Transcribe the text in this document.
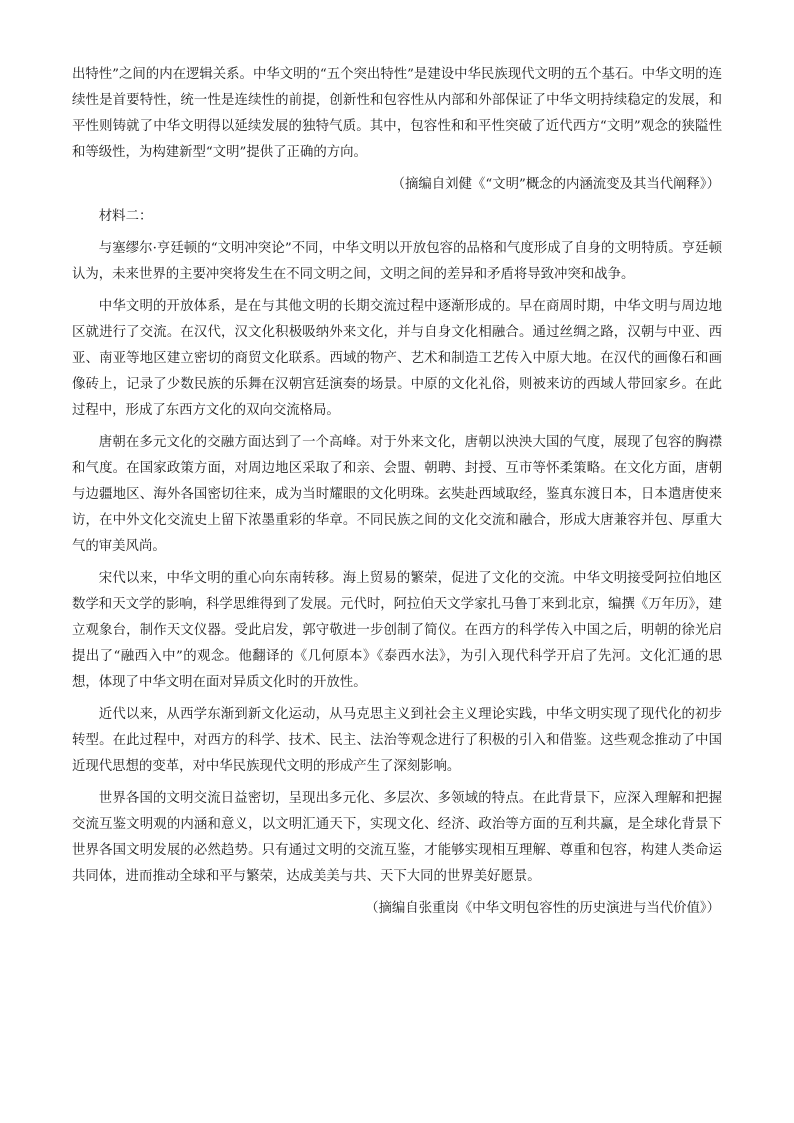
出特性”之间的内在逻辑关系。中华文明的“五个突出特性”是建设中华民族现代文明的五个基石。中华文明的连续性是首要特性，统一性是连续性的前提，创新性和包容性从内部和外部保证了中华文明持续稳定的发展，和平性则铸就了中华文明得以延续发展的独特气质。其中，包容性和和平性突破了近代西方“文明”观念的狭隘性和等级性，为构建新型“文明”提供了正确的方向。

（摘编自刘健《“文明”概念的内涵流变及其当代阐释》）

材料二：

与塞缪尔·亨廷顿的“文明冲突论”不同，中华文明以开放包容的品格和气度形成了自身的文明特质。亨廷顿认为，未来世界的主要冲突将发生在不同文明之间，文明之间的差异和矛盾将导致冲突和战争。

中华文明的开放体系，是在与其他文明的长期交流过程中逐渐形成的。早在商周时期，中华文明与周边地区就进行了交流。在汉代，汉文化积极吸纳外来文化，并与自身文化相融合。通过丝绸之路，汉朝与中亚、西亚、南亚等地区建立密切的商贸文化联系。西域的物产、艺术和制造工艺传入中原大地。在汉代的画像石和画像砖上，记录了少数民族的乐舞在汉朝宫廷演奏的场景。中原的文化礼俗，则被来访的西域人带回家乡。在此过程中，形成了东西方文化的双向交流格局。

唐朝在多元文化的交融方面达到了一个高峰。对于外来文化，唐朝以泱泱大国的气度，展现了包容的胸襟和气度。在国家政策方面，对周边地区采取了和亲、会盟、朝聘、封授、互市等怀柔策略。在文化方面，唐朝与边疆地区、海外各国密切往来，成为当时耀眼的文化明珠。玄奘赴西域取经，鉴真东渡日本，日本遣唐使来访，在中外文化交流史上留下浓墨重彩的华章。不同民族之间的文化交流和融合，形成大唐兼容并包、厚重大气的审美风尚。

宋代以来，中华文明的重心向东南转移。海上贸易的繁荣，促进了文化的交流。中华文明接受阿拉伯地区数学和天文学的影响，科学思维得到了发展。元代时，阿拉伯天文学家扎马鲁丁来到北京，编撰《万年历》，建立观象台，制作天文仪器。受此启发，郭守敬进一步创制了简仪。在西方的科学传入中国之后，明朝的徐光启提出了“融西入中”的观念。他翻译的《几何原本》《泰西水法》，为引入现代科学开启了先河。文化汇通的思想，体现了中华文明在面对异质文化时的开放性。

近代以来，从西学东渐到新文化运动，从马克思主义到社会主义理论实践，中华文明实现了现代化的初步转型。在此过程中，对西方的科学、技术、民主、法治等观念进行了积极的引入和借鉴。这些观念推动了中国近现代思想的变革，对中华民族现代文明的形成产生了深刻影响。

世界各国的文明交流日益密切，呈现出多元化、多层次、多领域的特点。在此背景下，应深入理解和把握交流互鉴文明观的内涵和意义，以文明汇通天下，实现文化、经济、政治等方面的互利共赢，是全球化背景下世界各国文明发展的必然趋势。只有通过文明的交流互鉴，才能够实现相互理解、尊重和包容，构建人类命运共同体，进而推动全球和平与繁荣，达成美美与共、天下大同的世界美好愿景。

（摘编自张重岗《中华文明包容性的历史演进与当代价值》）
